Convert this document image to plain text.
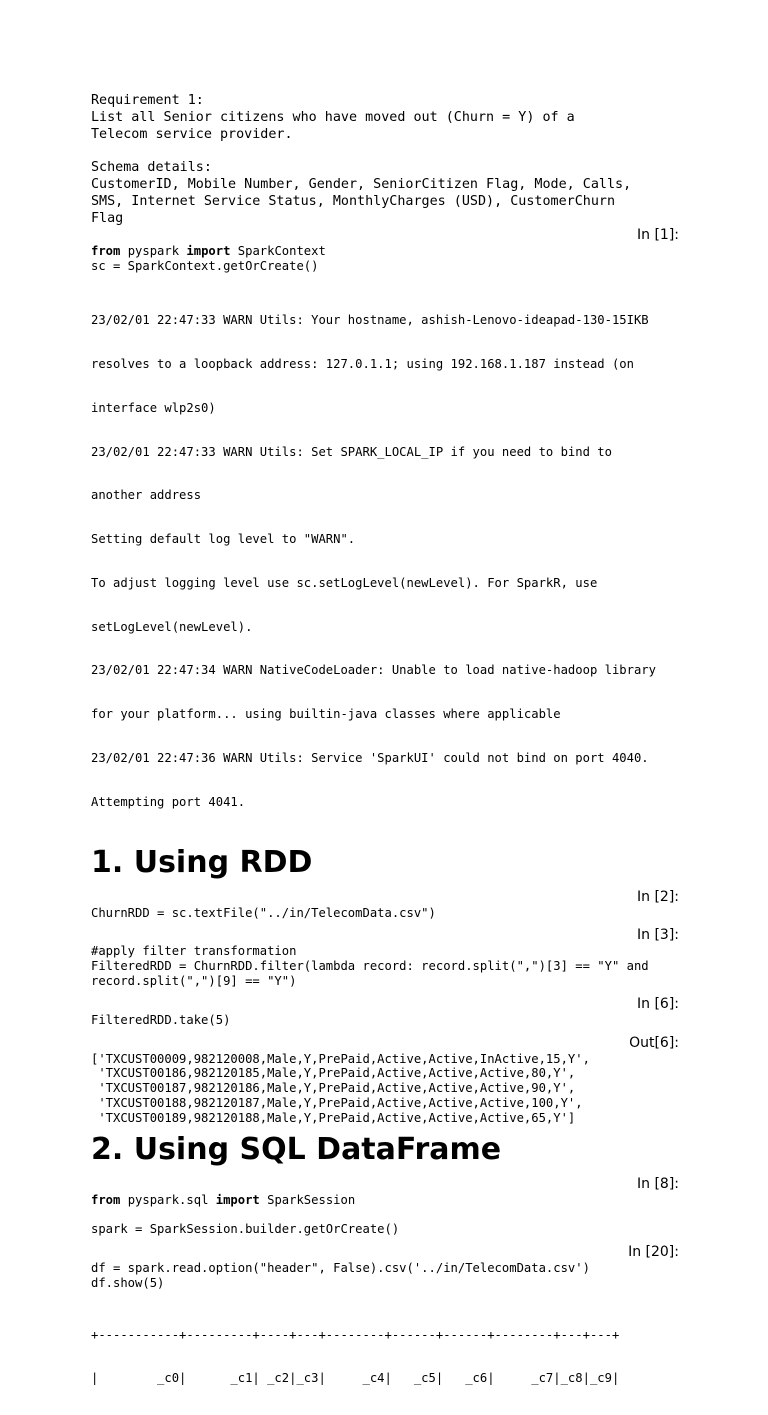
Requirement 1:

List all Senior citizens who have moved out (Churn = Y) of a

Telecom service provider.

Schema details:

CustomerID, Mobile Number, Gender, SeniorCitizen Flag, Mode, Calls,

SMS, Internet Service Status, MonthlyCharges (USD), CustomerChurn

Flag

In [1]:

from pyspark import SparkContext
sc = SparkContext.getOrCreate()

23/02/01 22:47:33 WARN Utils: Your hostname, ashish-Lenovo-ideapad-130-15IKB

resolves to a loopback address: 127.0.1.1; using 192.168.1.187 instead (on

interface wlp2s0)

23/02/01 22:47:33 WARN Utils: Set SPARK_LOCAL_IP if you need to bind to

another address

Setting default log level to "WARN".

To adjust logging level use sc.setLogLevel(newLevel). For SparkR, use

setLogLevel(newLevel).

23/02/01 22:47:34 WARN NativeCodeLoader: Unable to load native-hadoop library

for your platform... using builtin-java classes where applicable

23/02/01 22:47:36 WARN Utils: Service 'SparkUI' could not bind on port 4040.

Attempting port 4041.

1. Using RDD

In [2]:

ChurnRDD = sc.textFile("../in/TelecomData.csv")

In [3]:

#apply filter transformation
FilteredRDD = ChurnRDD.filter(lambda record: record.split(",")[3] == "Y" and
record.split(",")[9] == "Y")

In [6]:

FilteredRDD.take(5)

Out[6]:

['TXCUST00009,982120008,Male,Y,PrePaid,Active,Active,InActive,15,Y',
'TXCUST00186,982120185,Male,Y,PrePaid,Active,Active,Active,80,Y',
'TXCUST00187,982120186,Male,Y,PrePaid,Active,Active,Active,90,Y',
'TXCUST00188,982120187,Male,Y,PrePaid,Active,Active,Active,100,Y',
'TXCUST00189,982120188,Male,Y,PrePaid,Active,Active,Active,65,Y']
2. Using SQL DataFrame

In [8]:

from pyspark.sql import SparkSession
spark = SparkSession.builder.getOrCreate()

In [20]:

df = spark.read.option("header", False).csv('../in/TelecomData.csv')
df.show(5)

+-----------+---------+----+---+--------+------+------+--------+---+---+

|        _c0|      _c1| _c2|_c3|     _c4|   _c5|   _c6|     _c7|_c8|_c9|
